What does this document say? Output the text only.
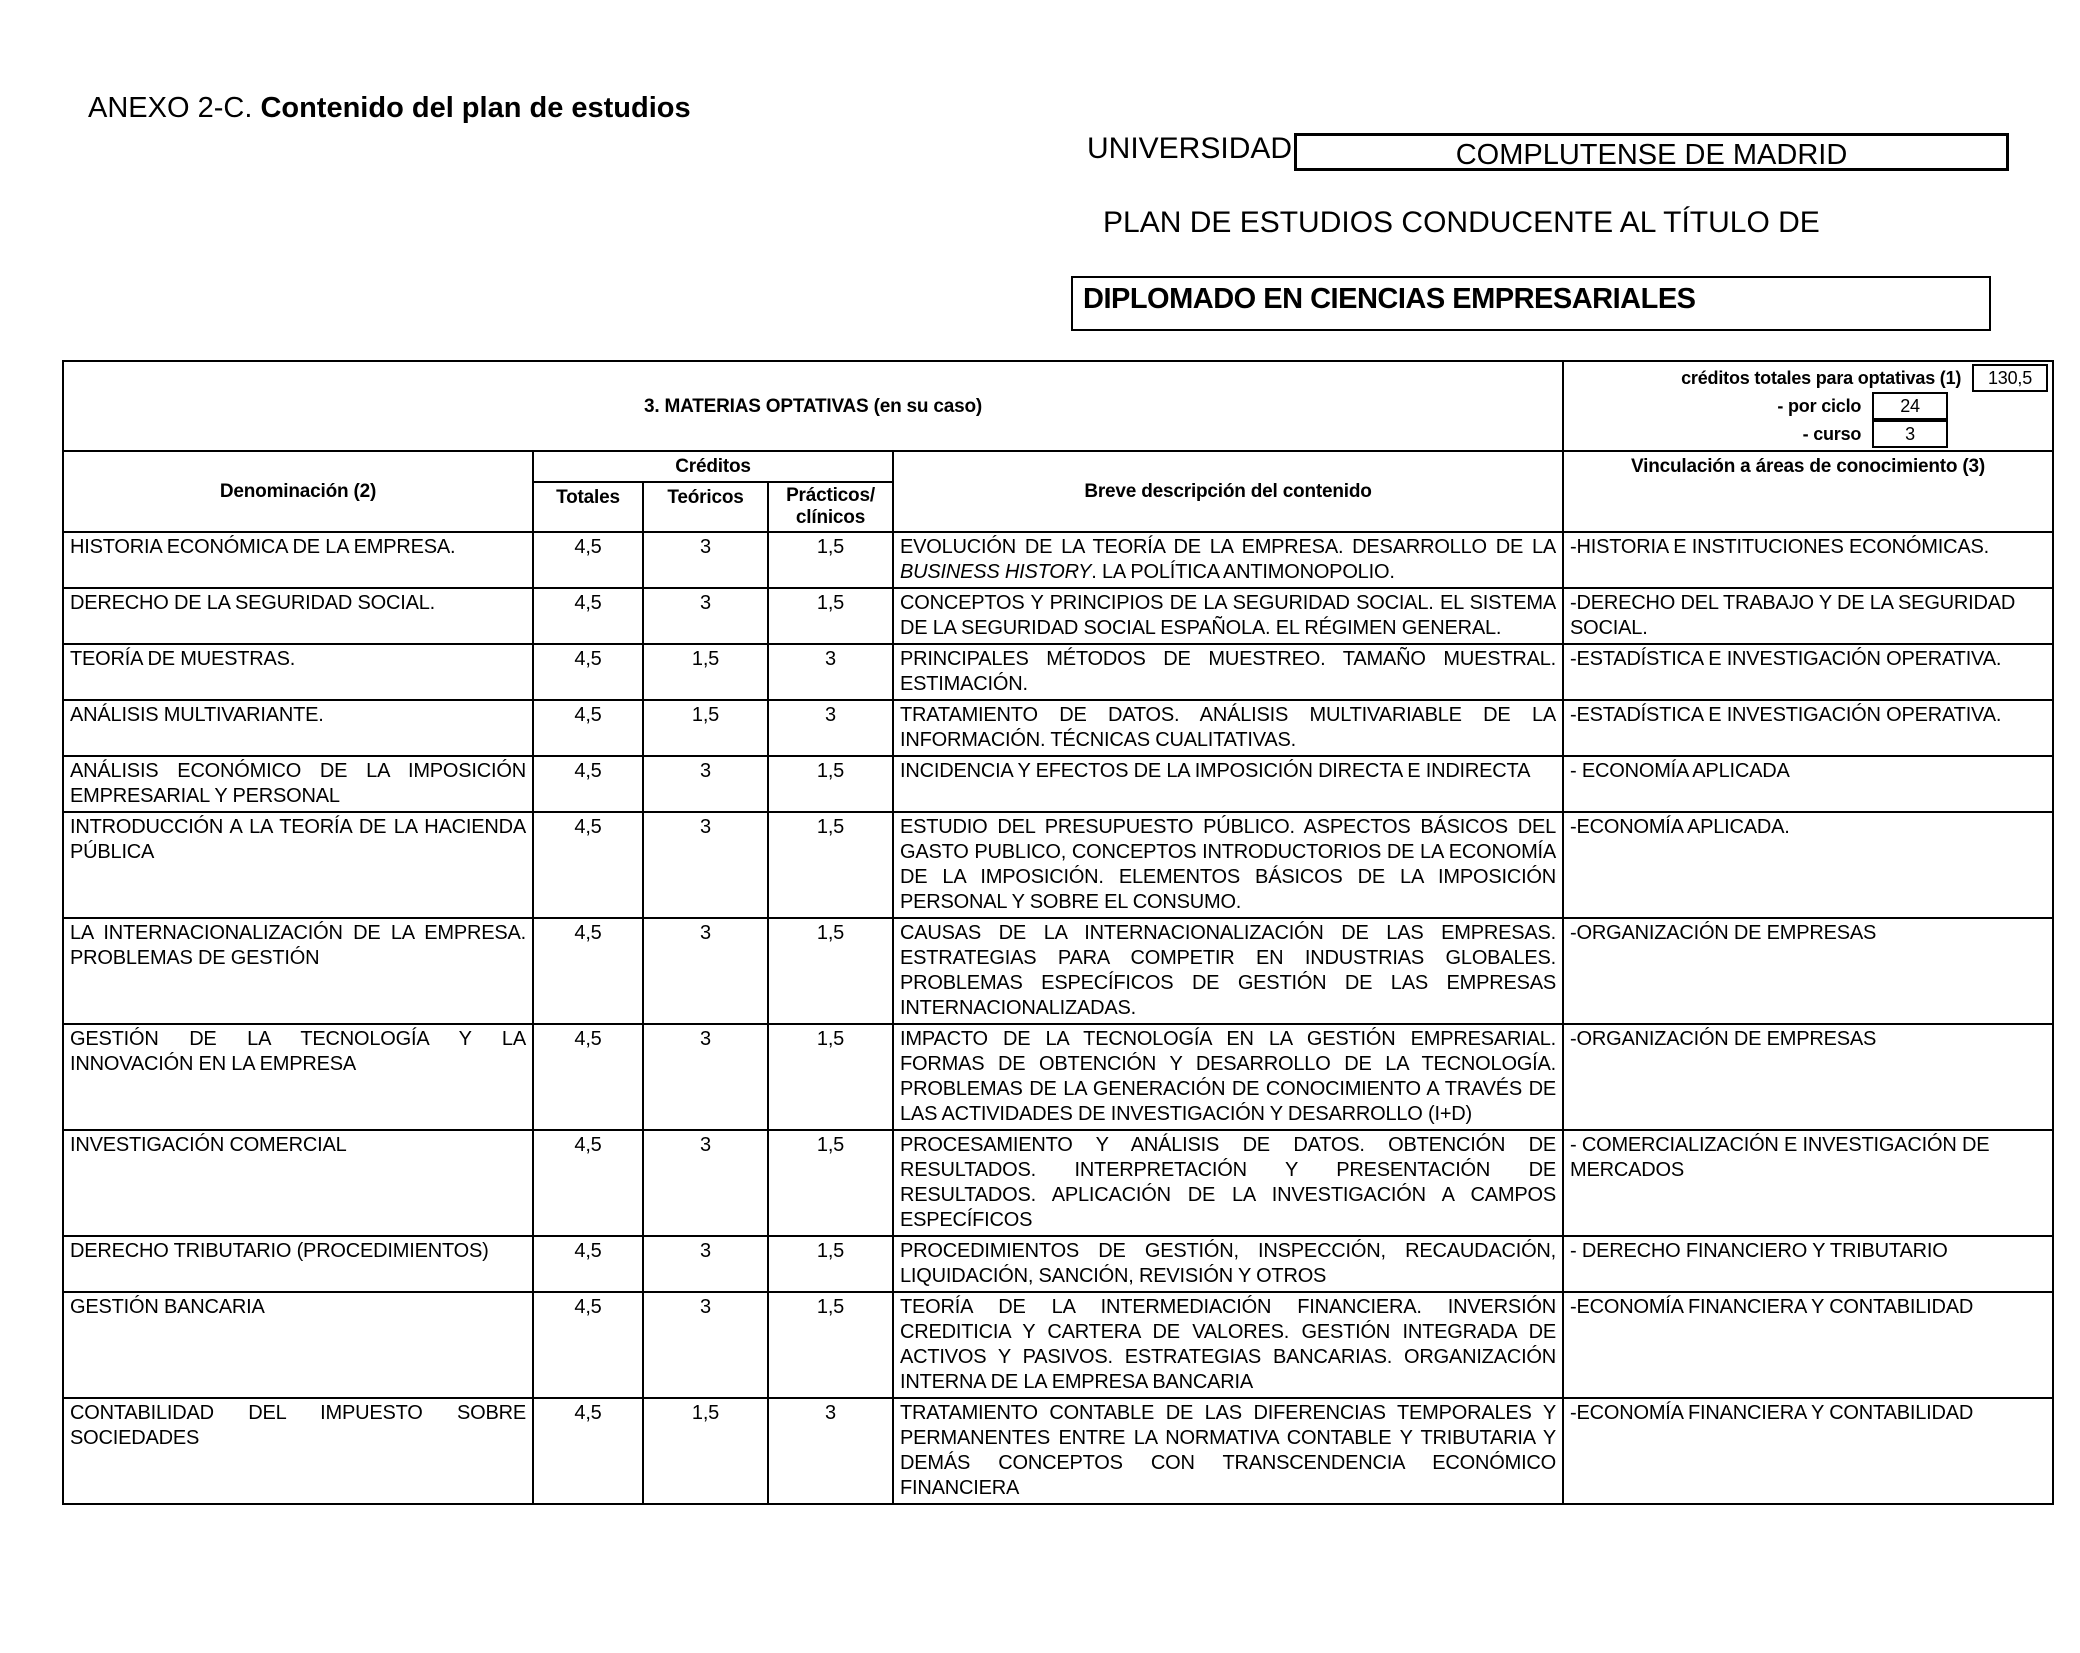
ANEXO 2-C. Contenido del plan de estudios
UNIVERSIDAD	COMPLUTENSE DE MADRID
PLAN DE ESTUDIOS CONDUCENTE AL TÍTULO DE
DIPLOMADO EN CIENCIAS EMPRESARIALES
3. MATERIAS OPTATIVAS (en su caso)					créditos totales para optativas (1) 130,5
- por ciclo 24
- curso 3

Denominación (2)	Créditos			Breve descripción del contenido	Vinculación a áreas de conocimiento (3)
	Totales	Teóricos	Prácticos/ clínicos		
HISTORIA ECONÓMICA DE LA EMPRESA.	4,5	3	1,5	EVOLUCIÓN DE LA TEORÍA DE LA EMPRESA. DESARROLLO DE LA BUSINESS HISTORY. LA POLÍTICA ANTIMONOPOLIO.	-HISTORIA E INSTITUCIONES ECONÓMICAS.
DERECHO DE LA SEGURIDAD SOCIAL.	4,5	3	1,5	CONCEPTOS Y PRINCIPIOS DE LA SEGURIDAD SOCIAL. EL SISTEMA DE LA SEGURIDAD SOCIAL ESPAÑOLA. EL RÉGIMEN GENERAL.	-DERECHO DEL TRABAJO Y DE LA SEGURIDAD SOCIAL.
TEORÍA DE MUESTRAS.	4,5	1,5	3	PRINCIPALES MÉTODOS DE MUESTREO. TAMAÑO MUESTRAL. ESTIMACIÓN.	-ESTADÍSTICA E INVESTIGACIÓN OPERATIVA.
ANÁLISIS MULTIVARIANTE.	4,5	1,5	3	TRATAMIENTO DE DATOS. ANÁLISIS MULTIVARIABLE DE LA INFORMACIÓN. TÉCNICAS CUALITATIVAS.	-ESTADÍSTICA E INVESTIGACIÓN OPERATIVA.
ANÁLISIS ECONÓMICO DE LA IMPOSICIÓN EMPRESARIAL Y PERSONAL	4,5	3	1,5	INCIDENCIA Y EFECTOS DE LA IMPOSICIÓN DIRECTA E INDIRECTA	- ECONOMÍA APLICADA
INTRODUCCIÓN A LA TEORÍA DE LA HACIENDA PÚBLICA	4,5	3	1,5	ESTUDIO DEL PRESUPUESTO PÚBLICO. ASPECTOS BÁSICOS DEL GASTO PUBLICO, CONCEPTOS INTRODUCTORIOS DE LA ECONOMÍA DE LA IMPOSICIÓN. ELEMENTOS BÁSICOS DE LA IMPOSICIÓN PERSONAL Y SOBRE EL CONSUMO.	-ECONOMÍA APLICADA.
LA INTERNACIONALIZACIÓN DE LA EMPRESA. PROBLEMAS DE GESTIÓN	4,5	3	1,5	CAUSAS DE LA INTERNACIONALIZACIÓN DE LAS EMPRESAS. ESTRATEGIAS PARA COMPETIR EN INDUSTRIAS GLOBALES. PROBLEMAS ESPECÍFICOS DE GESTIÓN DE LAS EMPRESAS INTERNACIONALIZADAS.	-ORGANIZACIÓN DE EMPRESAS
GESTIÓN DE LA TECNOLOGÍA Y LA INNOVACIÓN EN LA EMPRESA	4,5	3	1,5	IMPACTO DE LA TECNOLOGÍA EN LA GESTIÓN EMPRESARIAL. FORMAS DE OBTENCIÓN Y DESARROLLO DE LA TECNOLOGÍA. PROBLEMAS DE LA GENERACIÓN DE CONOCIMIENTO A TRAVÉS DE LAS ACTIVIDADES DE INVESTIGACIÓN Y DESARROLLO (I+D)	-ORGANIZACIÓN DE EMPRESAS
INVESTIGACIÓN COMERCIAL	4,5	3	1,5	PROCESAMIENTO Y ANÁLISIS DE DATOS. OBTENCIÓN DE RESULTADOS. INTERPRETACIÓN Y PRESENTACIÓN DE RESULTADOS. APLICACIÓN DE LA INVESTIGACIÓN A CAMPOS ESPECÍFICOS	- COMERCIALIZACIÓN E INVESTIGACIÓN DE MERCADOS
DERECHO TRIBUTARIO (PROCEDIMIENTOS)	4,5	3	1,5	PROCEDIMIENTOS DE GESTIÓN, INSPECCIÓN, RECAUDACIÓN, LIQUIDACIÓN, SANCIÓN, REVISIÓN Y OTROS	- DERECHO FINANCIERO Y TRIBUTARIO
GESTIÓN BANCARIA	4,5	3	1,5	TEORÍA DE LA INTERMEDIACIÓN FINANCIERA. INVERSIÓN CREDITICIA Y CARTERA DE VALORES. GESTIÓN INTEGRADA DE ACTIVOS Y PASIVOS. ESTRATEGIAS BANCARIAS. ORGANIZACIÓN INTERNA DE LA EMPRESA BANCARIA	-ECONOMÍA FINANCIERA Y CONTABILIDAD
CONTABILIDAD DEL IMPUESTO SOBRE SOCIEDADES	4,5	1,5	3	TRATAMIENTO CONTABLE DE LAS DIFERENCIAS TEMPORALES Y PERMANENTES ENTRE LA NORMATIVA CONTABLE Y TRIBUTARIA Y DEMÁS CONCEPTOS CON TRANSCENDENCIA ECONÓMICO FINANCIERA	-ECONOMÍA FINANCIERA Y CONTABILIDAD
